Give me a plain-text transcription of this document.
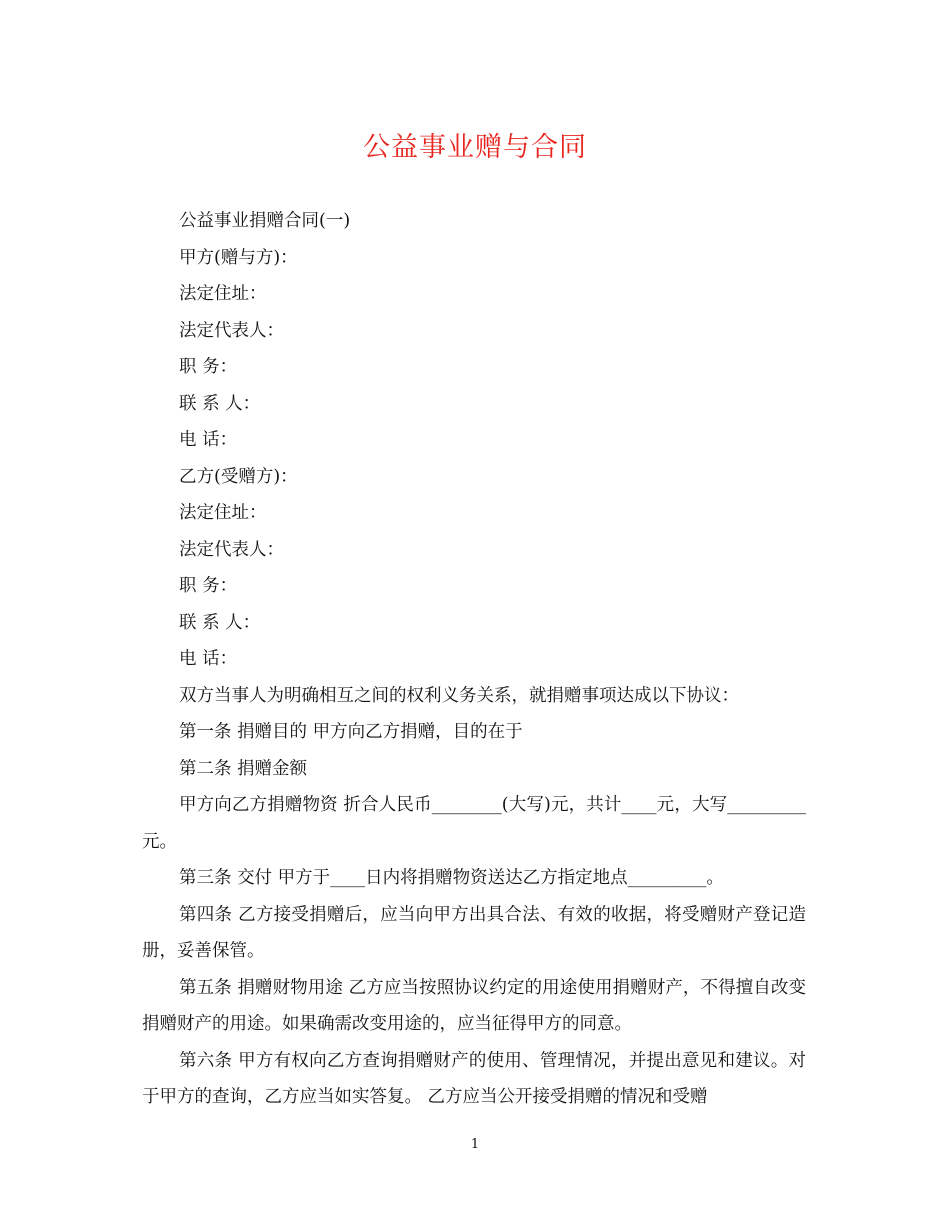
公益事业赠与合同
公益事业捐赠合同(一)
甲方(赠与方)：
法定住址：
法定代表人：
职 务：
联 系 人：
电 话：
乙方(受赠方)：
法定住址：
法定代表人：
职 务：
联 系 人：
电 话：
双方当事人为明确相互之间的权利义务关系，就捐赠事项达成以下协议：
第一条 捐赠目的 甲方向乙方捐赠，目的在于
第二条 捐赠金额
甲方向乙方捐赠物资 折合人民币________(大写)元，共计____元，大写_________元。
第三条 交付 甲方于____日内将捐赠物资送达乙方指定地点_________。
第四条 乙方接受捐赠后，应当向甲方出具合法、有效的收据，将受赠财产登记造册，妥善保管。
第五条 捐赠财物用途 乙方应当按照协议约定的用途使用捐赠财产，不得擅自改变捐赠财产的用途。如果确需改变用途的，应当征得甲方的同意。
第六条 甲方有权向乙方查询捐赠财产的使用、管理情况，并提出意见和建议。对于甲方的查询，乙方应当如实答复。 乙方应当公开接受捐赠的情况和受赠
1
